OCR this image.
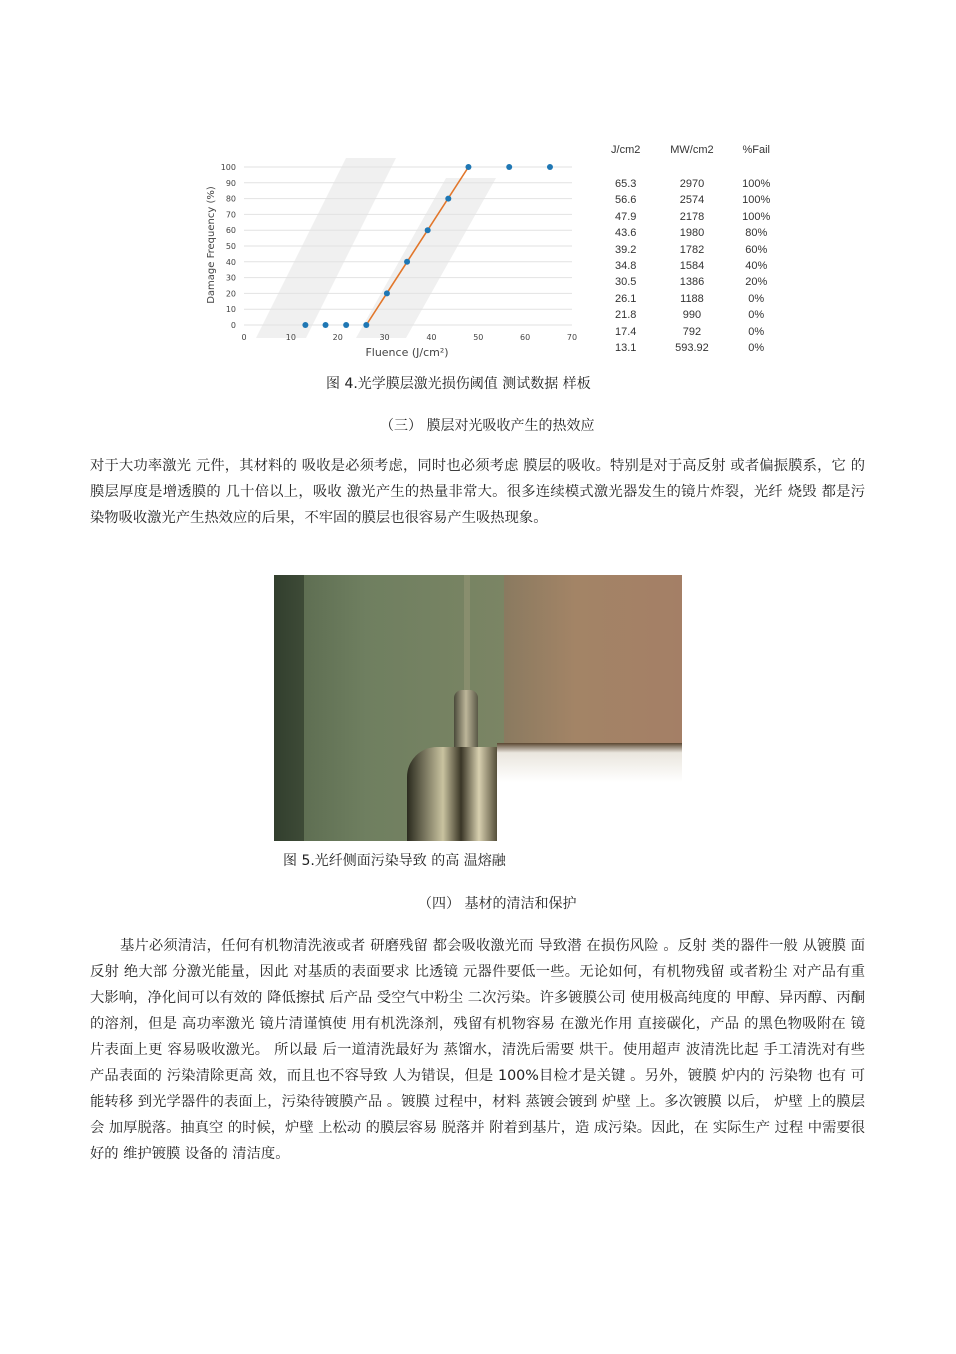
0
10
20
30
40
50
60
70
80
90
100
0	10	20	30	40	50	60	70
Damage Frequency (%)
Fluence (J/cm²)
J/cm2	MW/cm2	%Fail
65.3	2970	100%
56.6	2574	100%
47.9	2178	100%
43.6	1980	80%
39.2	1782	60%
34.8	1584	40%
30.5	1386	20%
26.1	1188	0%
21.8	990	0%
17.4	792	0%
13.1	593.92	0%
图 4.光学膜层激光损伤阈值 测试数据 样板
（三） 膜层对光吸收产生的热效应
对于大功率激光 元件，其材料的 吸收是必须考虑，同时也必须考虑 膜层的吸收。特别是对于高反射 或者偏振膜系，它 的膜层厚度是增透膜的 几十倍以上，吸收 激光产生的热量非常大。很多连续模式激光器发生的镜片炸裂，光纤 烧毁 都是污染物吸收激光产生热效应的后果，不牢固的膜层也很容易产生吸热现象。
图 5.光纤侧面污染导致 的高 温熔融
（四） 基材的清洁和保护
基片必须清洁，任何有机物清洗液或者 研磨残留 都会吸收激光而 导致潜 在损伤风险 。反射 类的器件一般 从镀膜 面 反射 绝大部 分激光能量，因此 对基质的表面要求 比透镜 元器件要低一些。无论如何，有机物残留 或者粉尘 对产品有重大影响，净化间可以有效的 降低擦拭 后产品 受空气中粉尘 二次污染。许多镀膜公司 使用极高纯度的 甲醇、异丙醇、丙酮 的溶剂，但是 高功率激光 镜片清谨慎使 用有机洗涤剂，残留有机物容易 在激光作用 直接碳化，产品 的黑色物吸附在 镜片表面上更 容易吸收激光。 所以最 后一道清洗最好为 蒸馏水，清洗后需要 烘干。使用超声 波清洗比起 手工清洗对有些产品表面的 污染清除更高 效，而且也不容导致 人为错误，但是 100%目检才是关键 。另外，镀膜 炉内的 污染物 也有 可能转移 到光学器件的表面上，污染待镀膜产品 。镀膜 过程中，材料 蒸镀会镀到 炉壁 上。多次镀膜 以后， 炉壁 上的膜层会 加厚脱落。抽真空 的时候，炉壁 上松动 的膜层容易 脱落并 附着到基片，造 成污染。因此，在 实际生产 过程 中需要很好的 维护镀膜 设备的 清洁度。
